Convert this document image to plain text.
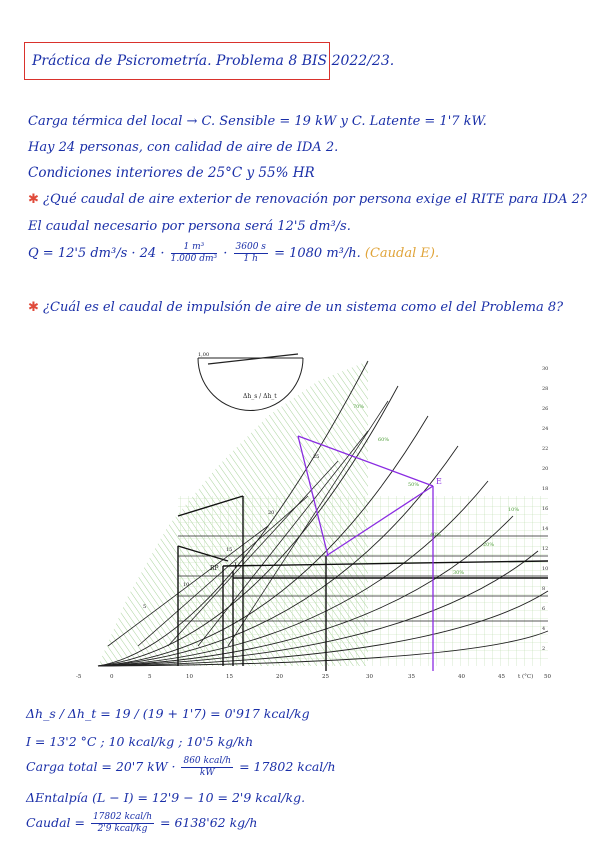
Práctica de Psicrometría. Problema 8 BIS 2022/23.
Carga térmica del local → C. Sensible = 19 kW y C. Latente = 1'7 kW.
Hay 24 personas, con calidad de aire de IDA 2.
Condiciones interiores de 25°C y 55% HR
✱ ¿Qué caudal de aire exterior de renovación por persona exige el RITE para IDA 2?
El caudal necesario por persona será 12'5 dm³/s.
Q = 12'5 $dm^3/s \cdot 24 \cdot \frac{\text{1 m³}}{\text{1.000 dm³}} \cdot \frac{3600 s}{1 h} = 1080$ m³/h. (Caudal E).
✱ ¿Cuál es el caudal de impulsión de aire de un sistema como el del Problema 8?
1,00
Δh_s / Δh_t
E
I
RP
-5	0	5	10	15	20	25	30	35	40	45	50
t (°C)
30
28
26
24
22
20
18
16
14
12
10
8
6
4
2
10%
20%
30%
40%
50%
60%
70%
5
10
15
20
25
Δh_s / Δh_t = 19 / (19 + 1'7) = 0'917 kcal/kg
I = 13'2 °C ; 10 kcal/kg ; 10'5 kg/kh
Carga total = 20'7 kW · $\frac{\text{860 kcal/h}}{kW} = 17802$ kcal/h
ΔEntalpía (L − I) = 12'9 − 10 = 2'9 kcal/kg.
Caudal = $\frac{\text{17802 kcal/h}}{\text{2'9 kcal/kg}} = 6138'62$ kg/h
